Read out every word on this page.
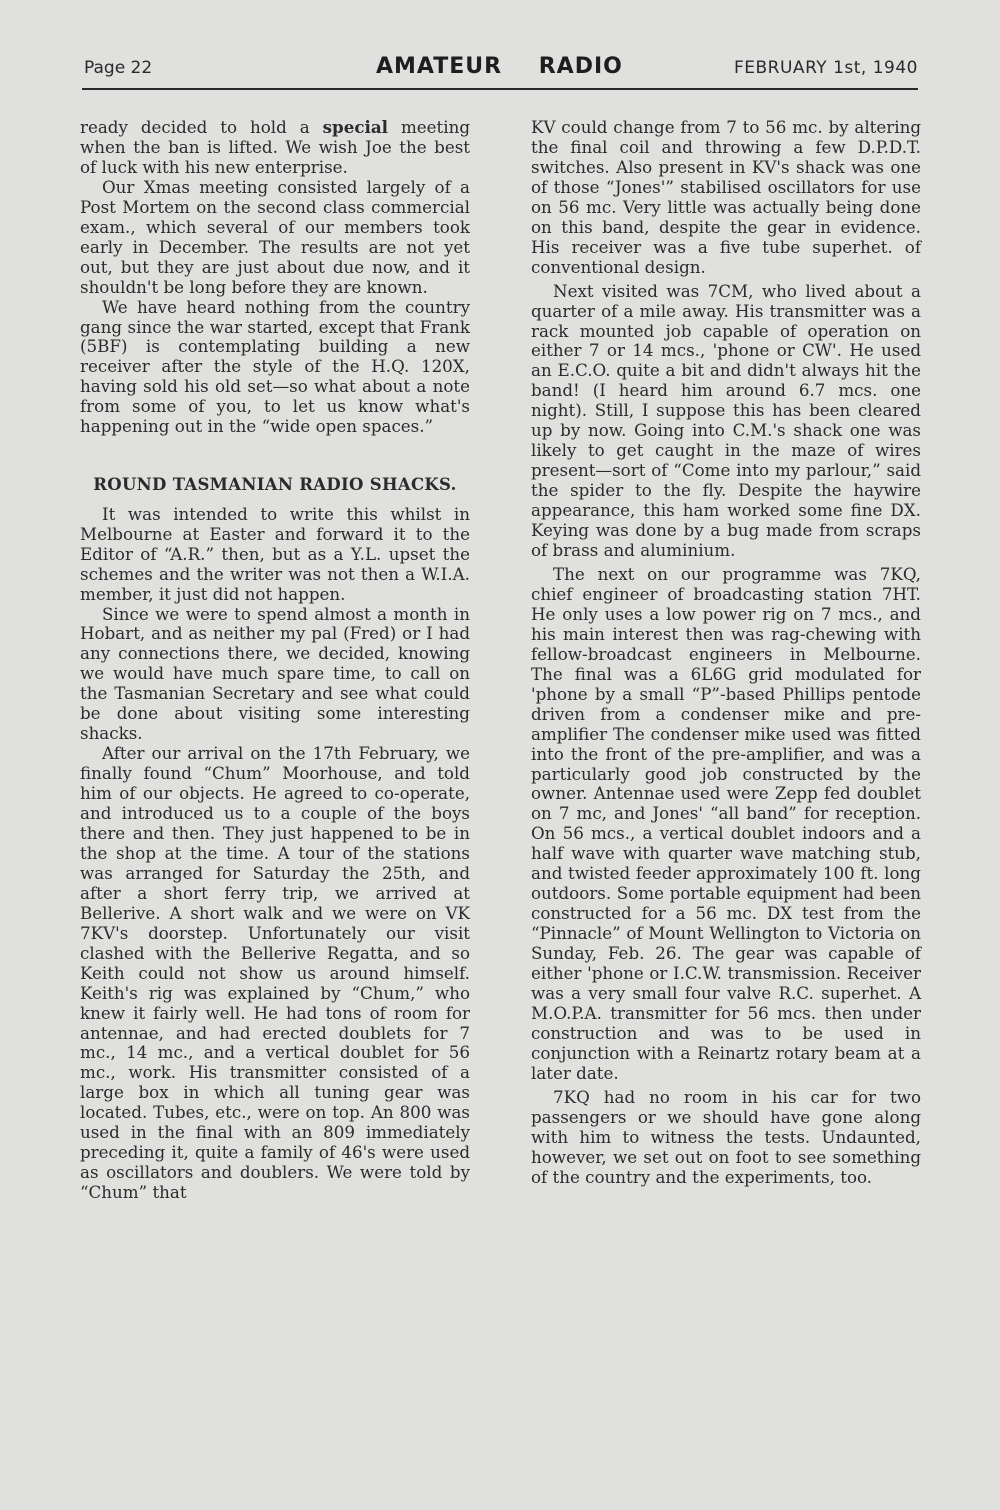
Page 22	AMATEUR RADIO	FEBRUARY 1st, 1940

ready decided to hold a special meeting when the ban is lifted. We wish Joe the best of luck with his new enterprise.

Our Xmas meeting consisted largely of a Post Mortem on the second class commercial exam., which several of our members took early in December. The results are not yet out, but they are just about due now, and it shouldn't be long before they are known.

We have heard nothing from the country gang since the war started, except that Frank (5BF) is contemplating building a new receiver after the style of the H.Q. 120X, having sold his old set—so what about a note from some of you, to let us know what's happening out in the “wide open spaces.”

ROUND TASMANIAN RADIO SHACKS.

It was intended to write this whilst in Melbourne at Easter and forward it to the Editor of “A.R.” then, but as a Y.L. upset the schemes and the writer was not then a W.I.A. member, it just did not happen.

Since we were to spend almost a month in Hobart, and as neither my pal (Fred) or I had any connections there, we decided, knowing we would have much spare time, to call on the Tasmanian Secretary and see what could be done about visiting some interesting shacks.

After our arrival on the 17th February, we finally found “Chum” Moorhouse, and told him of our objects. He agreed to co-operate, and introduced us to a couple of the boys there and then. They just happened to be in the shop at the time. A tour of the stations was arranged for Saturday the 25th, and after a short ferry trip, we arrived at Bellerive. A short walk and we were on VK 7KV's doorstep. Unfortunately our visit clashed with the Bellerive Regatta, and so Keith could not show us around himself. Keith's rig was explained by “Chum,” who knew it fairly well. He had tons of room for antennae, and had erected doublets for 7 mc., 14 mc., and a vertical doublet for 56 mc., work. His transmitter consisted of a large box in which all tuning gear was located. Tubes, etc., were on top. An 800 was used in the final with an 809 immediately preceding it, quite a family of 46's were used as oscillators and doublers. We were told by “Chum” that

KV could change from 7 to 56 mc. by altering the final coil and throwing a few D.P.D.T. switches. Also present in KV's shack was one of those “Jones'” stabilised oscillators for use on 56 mc. Very little was actually being done on this band, despite the gear in evidence. His receiver was a five tube superhet. of conventional design.

Next visited was 7CM, who lived about a quarter of a mile away. His transmitter was a rack mounted job capable of operation on either 7 or 14 mcs., 'phone or CW'. He used an E.C.O. quite a bit and didn't always hit the band! (I heard him around 6.7 mcs. one night). Still, I suppose this has been cleared up by now. Going into C.M.'s shack one was likely to get caught in the maze of wires present—sort of “Come into my parlour,” said the spider to the fly. Despite the haywire appearance, this ham worked some fine DX. Keying was done by a bug made from scraps of brass and aluminium.

The next on our programme was 7KQ, chief engineer of broadcasting station 7HT. He only uses a low power rig on 7 mcs., and his main interest then was rag-chewing with fellow-broadcast engineers in Melbourne. The final was a 6L6G grid modulated for 'phone by a small “P”-based Phillips pentode driven from a condenser mike and pre-amplifier The condenser mike used was fitted into the front of the pre-amplifier, and was a particularly good job constructed by the owner. Antennae used were Zepp fed doublet on 7 mc, and Jones' “all band” for reception. On 56 mcs., a vertical doublet indoors and a half wave with quarter wave matching stub, and twisted feeder approximately 100 ft. long outdoors. Some portable equipment had been constructed for a 56 mc. DX test from the “Pinnacle” of Mount Wellington to Victoria on Sunday, Feb. 26. The gear was capable of either 'phone or I.C.W. transmission. Receiver was a very small four valve R.C. superhet. A M.O.P.A. transmitter for 56 mcs. then under construction and was to be used in conjunction with a Reinartz rotary beam at a later date.

7KQ had no room in his car for two passengers or we should have gone along with him to witness the tests. Undaunted, however, we set out on foot to see something of the country and the experiments, too.
